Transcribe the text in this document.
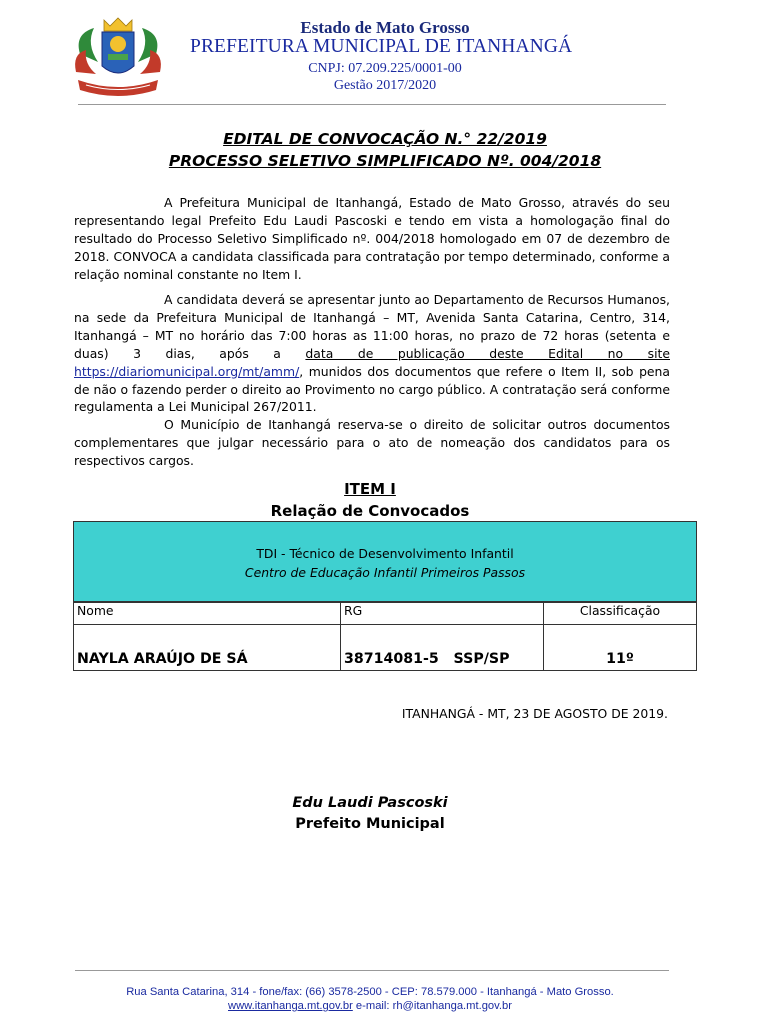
Estado de Mato Grosso
PREFEITURA MUNICIPAL DE ITANHANGÁ
CNPJ: 07.209.225/0001-00
Gestão 2017/2020
EDITAL DE CONVOCAÇÃO N.° 22/2019
PROCESSO SELETIVO SIMPLIFICADO Nº. 004/2018
A Prefeitura Municipal de Itanhangá, Estado de Mato Grosso, através do seu representando legal Prefeito Edu Laudi Pascoski e tendo em vista a homologação final do resultado do Processo Seletivo Simplificado nº. 004/2018 homologado em 07 de dezembro de 2018. CONVOCA a candidata classificada para contratação por tempo determinado, conforme a relação nominal constante no Item I.
A candidata deverá se apresentar junto ao Departamento de Recursos Humanos, na sede da Prefeitura Municipal de Itanhangá – MT, Avenida Santa Catarina, Centro, 314, Itanhangá – MT no horário das 7:00 horas as 11:00 horas, no prazo de 72 horas (setenta e duas) 3 dias, após a data de publicação deste Edital no site https://diariomunicipal.org/mt/amm/, munidos dos documentos que refere o Item II, sob pena de não o fazendo perder o direito ao Provimento no cargo público. A contratação será conforme regulamenta a Lei Municipal 267/2011.
O Município de Itanhangá reserva-se o direito de solicitar outros documentos complementares que julgar necessário para o ato de nomeação dos candidatos para os respectivos cargos.
ITEM I
Relação de Convocados
TDI - Técnico de Desenvolvimento Infantil
Centro de Educação Infantil Primeiros Passos
Nome	RG	Classificação
NAYLA ARAÚJO DE SÁ	38714081-5   SSP/SP	11º
ITANHANGÁ - MT, 23 DE AGOSTO DE 2019.
Edu Laudi Pascoski
Prefeito Municipal
Rua Santa Catarina, 314 - fone/fax: (66) 3578-2500 - CEP: 78.579.000 - Itanhangá - Mato Grosso.
www.itanhanga.mt.gov.br e-mail: rh@itanhanga.mt.gov.br
